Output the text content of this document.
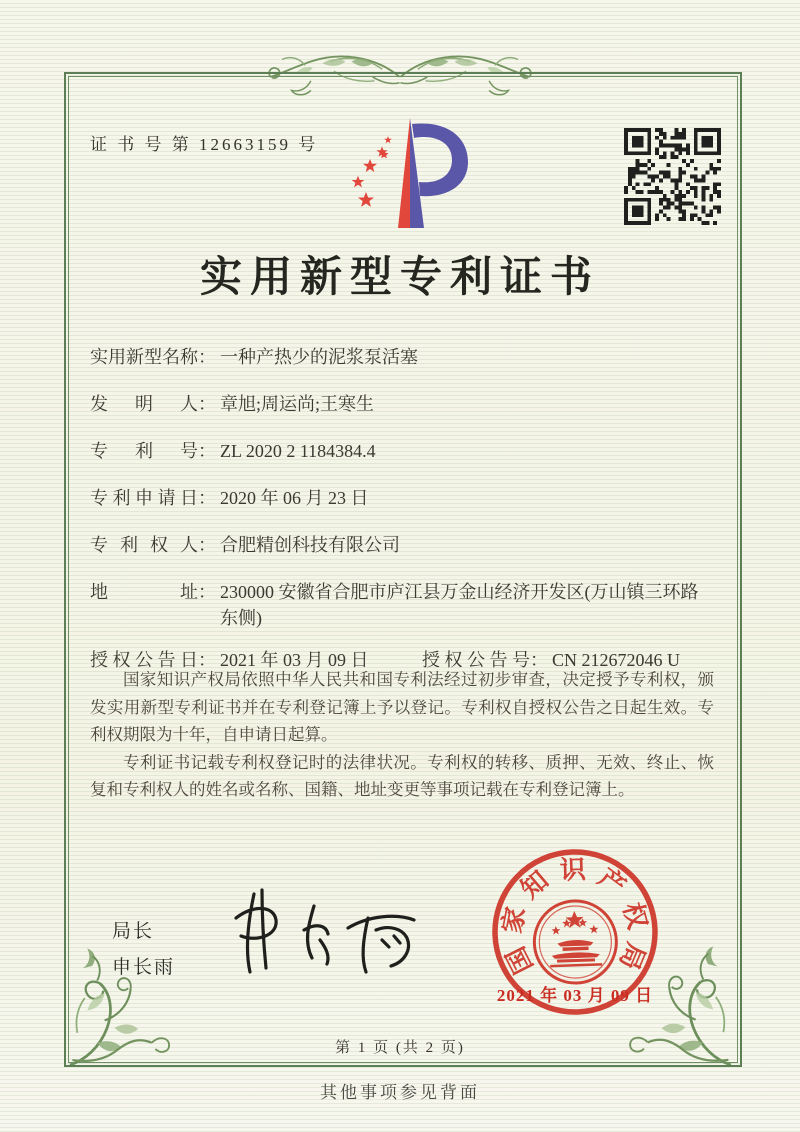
证 书 号 第 12663159 号
实用新型专利证书
实用新型名称 ： 一种产热少的泥浆泵活塞
发明人 ： 章旭;周运尚;王寒生
专利号 ： ZL 2020 2 1184384.4
专利申请日 ： 2020 年 06 月 23 日
专利权人 ： 合肥精创科技有限公司
地址 ： 230000 安徽省合肥市庐江县万金山经济开发区(万山镇三环路东侧)
授权公告日 ： 2021 年 03 月 09 日	授权公告号 ： CN 212672046 U

国家知识产权局依照中华人民共和国专利法经过初步审查，决定授予专利权，颁发实用新型专利证书并在专利登记簿上予以登记。专利权自授权公告之日起生效。专利权期限为十年，自申请日起算。

专利证书记载专利权登记时的法律状况。专利权的转移、质押、无效、终止、恢复和专利权人的姓名或名称、国籍、地址变更等事项记载在专利登记簿上。

局长
申长雨	国
家
知 识 产
权
局
2021 年 03 月 09 日
第 1 页 (共 2 页)
其他事项参见背面
